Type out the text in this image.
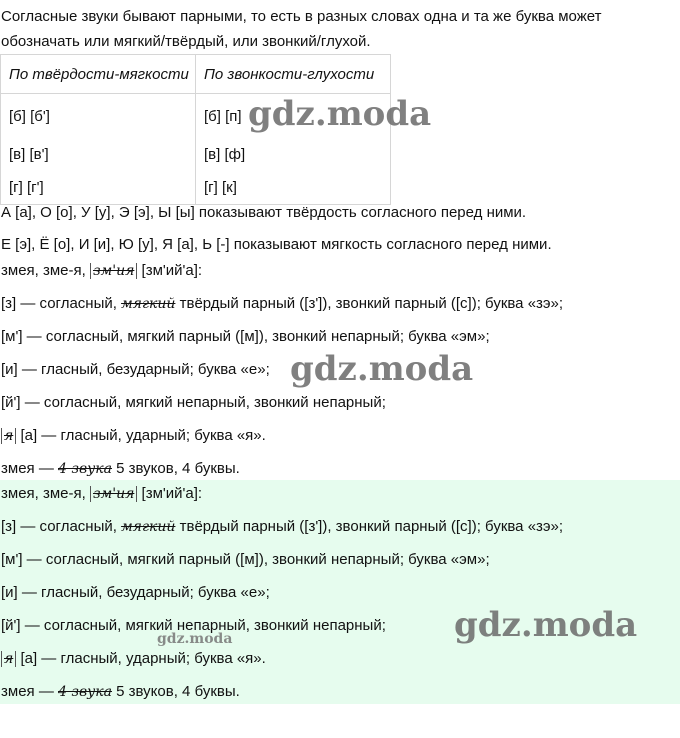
Согласные звуки бывают парными, то есть в разных словах одна и та же буква может обозначать или мягкий/твёрдый, или звонкий/глухой.
По твёрдости-мягкости	По звонкости-глухости
[б] [б']	[б] [п]
[в] [в']	[в] [ф]
[г] [г']	[г] [к]
А [а], О [о], У [у], Э [э], Ы [ы] показывают твёрдость согласного перед ними.
Е [э], Ё [о], И [и], Ю [у], Я [а], Ь [-] показывают мягкость согласного перед ними.
змея, зме-я, зм'ия [зм'ий'а]:
[з] — согласный, мягкий твёрдый парный ([з']), звонкий парный ([с]); буква «зэ»;
[м'] — согласный, мягкий парный ([м]), звонкий непарный; буква «эм»;
[и] — гласный, безударный; буква «е»;
[й'] — согласный, мягкий непарный, звонкий непарный;
я [а] — гласный, ударный; буква «я».
змея — 4 звука 5 звуков, 4 буквы.
змея, зме-я, зм'ия [зм'ий'а]:
[з] — согласный, мягкий твёрдый парный ([з']), звонкий парный ([с]); буква «зэ»;
[м'] — согласный, мягкий парный ([м]), звонкий непарный; буква «эм»;
[и] — гласный, безударный; буква «е»;
[й'] — согласный, мягкий непарный, звонкий непарный;
я [а] — гласный, ударный; буква «я».
змея — 4 звука 5 звуков, 4 буквы.
gdz.moda
gdz.moda
gdz.moda
gdz.moda
